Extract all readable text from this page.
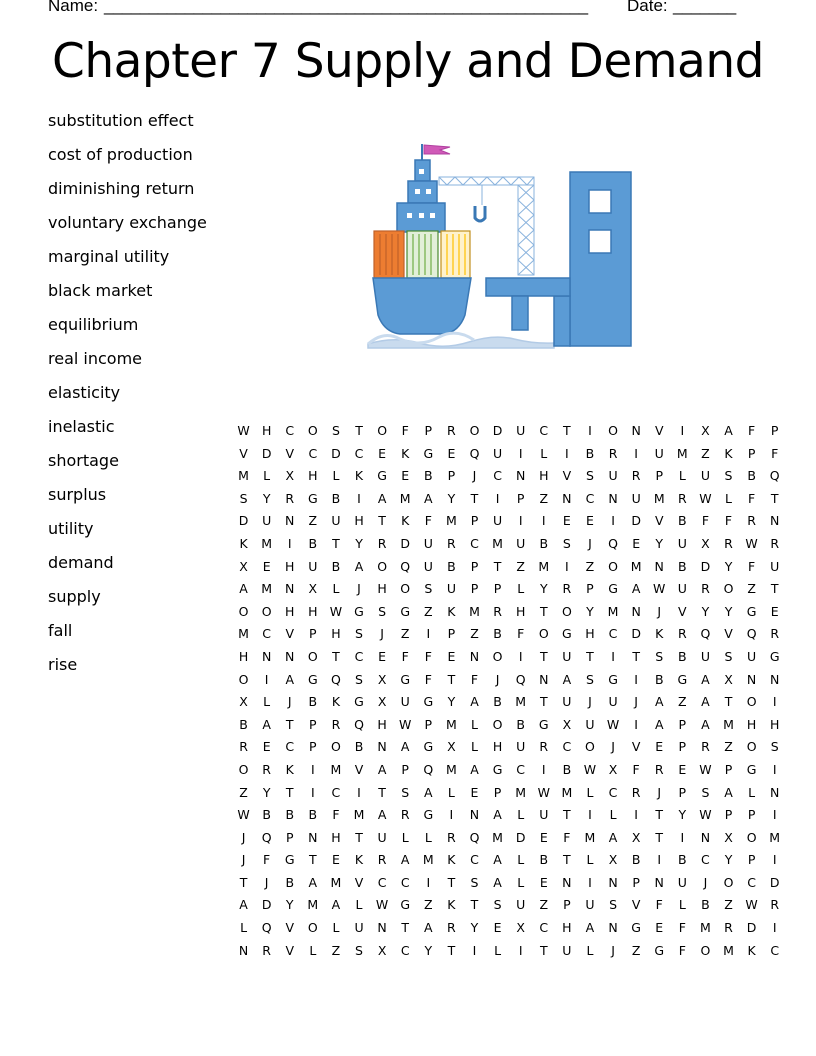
Name: ______________________________________________________ Date: _______
Chapter 7 Supply and Demand
substitution effect
cost of production
diminishing return
voluntary exchange
marginal utility
black market
equilibrium
real income
elasticity
inelastic
shortage
surplus
utility
demand
supply
fall
rise
W H C O S T O F P R O D U C T I O N V I X A F P
V D V C D C E K G E Q U I L I B R I U M Z K P F
M L X H L K G E B P J C N H V S U R P L U S B Q
S Y R G B I A M A Y T I P Z N C N U M R W L F T
D U N Z U H T K F M P U I I E E I D V B F F R N
K M I B T Y R D U R C M U B S J Q E Y U X R W R
X E H U B A O Q U B P T Z M I Z O M N B D Y F U
A M N X L J H O S U P P L Y R P G A W U R O Z T
O O H H W G S G Z K M R H T O Y M N J V Y Y G E
M C V P H S J Z I P Z B F O G H C D K R Q V Q R
H N N O T C E F F E N O I T U T I T S B U S U G
O I A G Q S X G F T F J Q N A S G I B G A X N N
X L J B K G X U G Y A B M T U J U J A Z A T O I
B A T P R Q H W P M L O B G X U W I A P A M H H
R E C P O B N A G X L H U R C O J V E P R Z O S
O R K I M V A P Q M A G C I B W X F R E W P G I
Z Y T I C I T S A L E P M W M L C R J P S A L N
W B B B F M A R G I N A L U T I L I T Y W P P I
J Q P N H T U L L R Q M D E F M A X T I N X O M
J F G T E K R A M K C A L B T L X B I B C Y P I
T J B A M V C C I T S A L E N I N P N U J O C D
A D Y M A L W G Z K T S U Z P U S V F L B Z W R
L Q V O L U N T A R Y E X C H A N G E F M R D I
N R V L Z S X C Y T I L I T U L J Z G F O M K C
